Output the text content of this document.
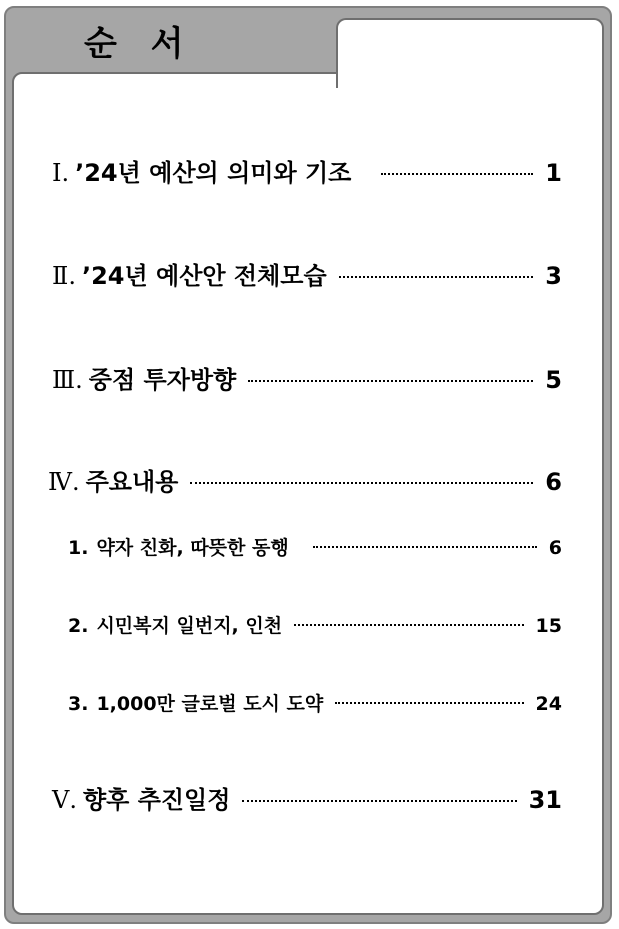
순 서
Ⅰ. ’24년 예산의 의미와 기조	1
Ⅱ. ’24년 예산안 전체모습	3
Ⅲ. 중점 투자방향	5
Ⅳ. 주요내용	6
1. 약자 친화, 따뜻한 동행	6
2. 시민복지 일번지, 인천	15
3. 1,000만 글로벌 도시 도약	24
Ⅴ. 향후 추진일정	31
